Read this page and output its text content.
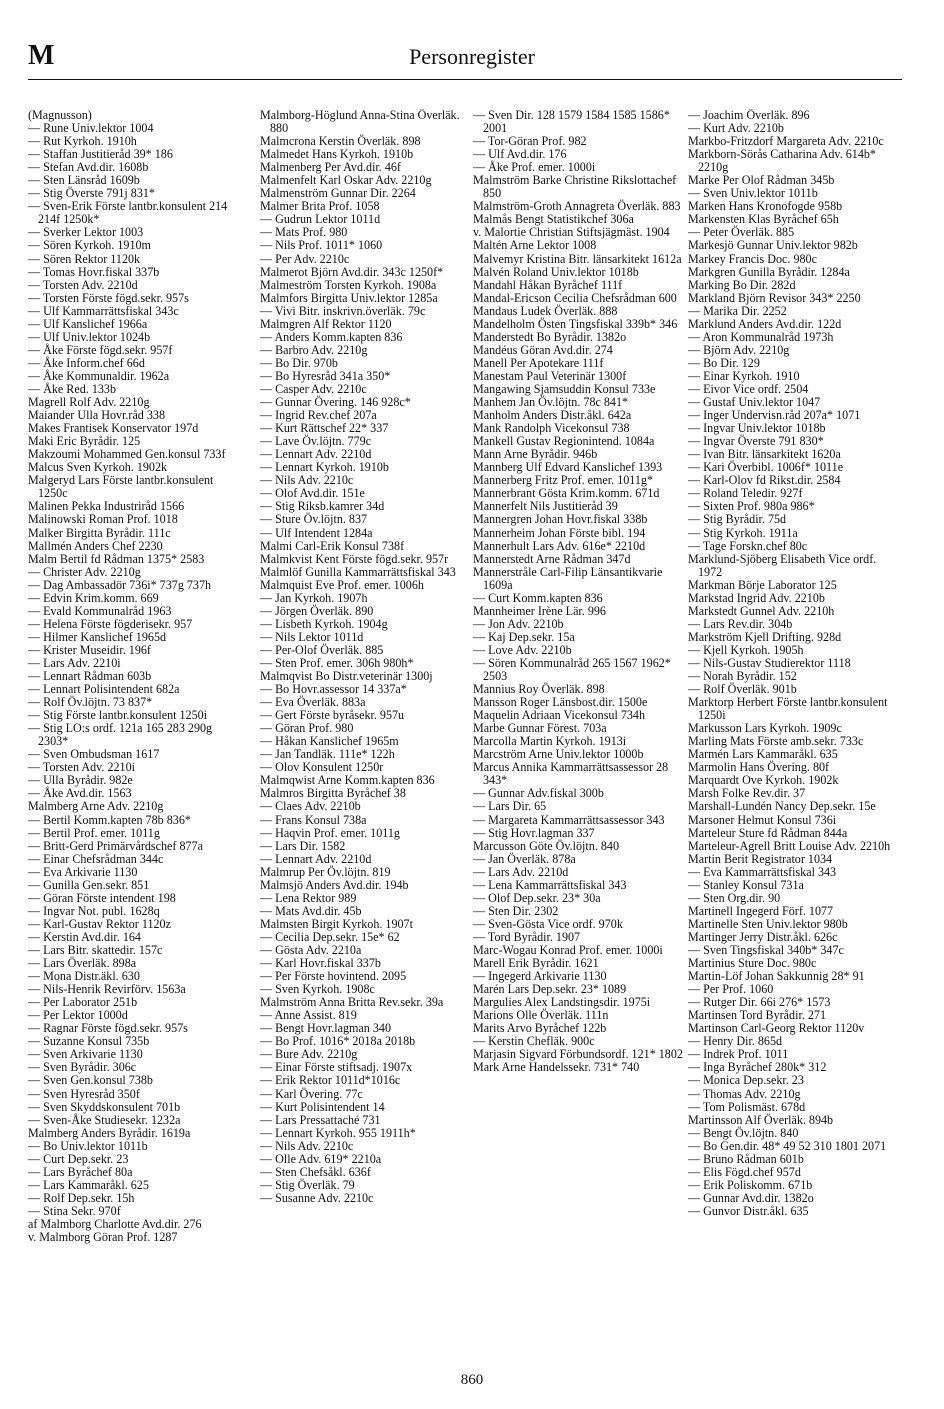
M	Personregister
(Magnusson)
— Rune Univ.lektor 1004
— Rut Kyrkoh. 1910h
— Staffan Justitieråd 39* 186
— Stefan Avd.dir. 1608b
— Sten Länsråd 1609b
— Stig Överste 791j 831*
— Sven-Erik Förste lantbr.konsulent 214 214f 1250k*
— Sverker Lektor 1003
— Sören Kyrkoh. 1910m
— Sören Rektor 1120k
— Tomas Hovr.fiskal 337b
— Torsten Adv. 2210d
— Torsten Förste fögd.sekr. 957s
— Ulf Kammarrättsfiskal 343c
— Ulf Kanslichef 1966a
— Ulf Univ.lektor 1024b
— Åke Förste fögd.sekr. 957f
— Åke Inform.chef 66d
— Åke Kommunaldir. 1962a
— Åke Red. 133b
Magrell Rolf Adv. 2210g
Maiander Ulla Hovr.råd 338
Makes Frantisek Konservator 197d
Maki Eric Byrådir. 125
Makzoumi Mohammed Gen.konsul 733f
Malcus Sven Kyrkoh. 1902k
Malgeryd Lars Förste lantbr.konsulent 1250c
Malinen Pekka Industriråd 1566
Malinowski Roman Prof. 1018
Malker Birgitta Byrådir. 111c
Mallmén Anders Chef 2230
Malm Bertil fd Rådman 1375* 2583
— Christer Adv. 2210g
— Dag Ambassadör 736i* 737g 737h
— Edvin Krim.komm. 669
— Evald Kommunalråd 1963
— Helena Förste fögderisekr. 957
— Hilmer Kanslichef 1965d
— Krister Museidir. 196f
— Lars Adv. 2210i
— Lennart Rådman 603b
— Lennart Polisintendent 682a
— Rolf Öv.löjtn. 73 837*
— Stig Förste lantbr.konsulent 1250i
— Stig LO:s ordf. 121a 165 283 290g 2303*
— Sven Ombudsman 1617
— Torsten Adv. 2210i
— Ulla Byrådir. 982e
— Åke Avd.dir. 1563
Malmberg Arne Adv. 2210g
— Bertil Komm.kapten 78b 836*
— Bertil Prof. emer. 1011g
— Britt-Gerd Primärvårdschef 877a
— Einar Chefsrådman 344c
— Eva Arkivarie 1130
— Gunilla Gen.sekr. 851
— Göran Förste intendent 198
— Ingvar Not. publ. 1628q
— Karl-Gustav Rektor 1120z
— Kerstin Avd.dir. 164
— Lars Bitr. skattedir. 157c
— Lars Överläk. 898a
— Mona Distr.äkl. 630
— Nils-Henrik Revirförv. 1563a
— Per Laborator 251b
— Per Lektor 1000d
— Ragnar Förste fögd.sekr. 957s
— Suzanne Konsul 735b
— Sven Arkivarie 1130
— Sven Byrådir. 306c
— Sven Gen.konsul 738b
— Sven Hyresråd 350f
— Sven Skyddskonsulent 701b
— Sven-Åke Studiesekr. 1232a
Malmberg Anders Byrådir. 1619a
— Bo Univ.lektor 1011b
— Curt Dep.sekr. 23
— Lars Byråchef 80a
— Lars Kammaråkl. 625
— Rolf Dep.sekr. 15h
— Stina Sekr. 970f
af Malmborg Charlotte Avd.dir. 276
v. Malmborg Göran Prof. 1287
Malmborg-Höglund Anna-Stina Överläk. 880
Malmcrona Kerstin Överläk. 898
Malmedet Hans Kyrkoh. 1910b
Malmenberg Per Avd.dir. 46f
Malmenfelt Karl Oskar Adv. 2210g
Malmenström Gunnar Dir. 2264
Malmer Brita Prof. 1058
— Gudrun Lektor 1011d
— Mats Prof. 980
— Nils Prof. 1011* 1060
— Per Adv. 2210c
Malmerot Björn Avd.dir. 343c 1250f*
Malmeström Torsten Kyrkoh. 1908a
Malmfors Birgitta Univ.lektor 1285a
— Vivi Bitr. inskrivn.överläk. 79c
Malmgren Alf Rektor 1120
— Anders Komm.kapten 836
— Barbro Adv. 2210g
— Bo Dir. 970b
— Bo Hyresråd 341a 350*
— Casper Adv. 2210c
— Gunnar Övering. 146 928c*
— Ingrid Rev.chef 207a
— Kurt Rättschef 22* 337
— Lave Öv.löjtn. 779c
— Lennart Adv. 2210d
— Lennart Kyrkoh. 1910b
— Nils Adv. 2210c
— Olof Avd.dir. 151e
— Stig Riksb.kamrer 34d
— Sture Öv.löjtn. 837
— Ulf Intendent 1284a
Malmi Carl-Erik Konsul 738f
Malmkvist Kent Förste fögd.sekr. 957r
Malmlöf Gunilla Kammarrättsfiskal 343
Malmquist Eve Prof. emer. 1006h
— Jan Kyrkoh. 1907h
— Jörgen Överläk. 890
— Lisbeth Kyrkoh. 1904g
— Nils Lektor 1011d
— Per-Olof Överläk. 885
— Sten Prof. emer. 306h 980h*
Malmqvist Bo Distr.veterinär 1300j
— Bo Hovr.assessor 14 337a*
— Eva Överläk. 883a
— Gert Förste byråsekr. 957u
— Göran Prof. 980
— Håkan Kanslichef 1965m
— Jan Tandläk. 111e* 122h
— Olov Konsulent 1250r
Malmqwist Arne Komm.kapten 836
Malmros Birgitta Byråchef 38
— Claes Adv. 2210b
— Frans Konsul 738a
— Haqvin Prof. emer. 1011g
— Lars Dir. 1582
— Lennart Adv. 2210d
Malmrup Per Öv.löjtn. 819
Malmsjö Anders Avd.dir. 194b
— Lena Rektor 989
— Mats Avd.dir. 45b
Malmsten Birgit Kyrkoh. 1907t
— Cecilia Dep.sekr. 15e* 62
— Gösta Adv. 2210a
— Karl Hovr.fiskal 337b
— Per Förste hovintend. 2095
— Sven Kyrkoh. 1908c
Malmström Anna Britta Rev.sekr. 39a
— Anne Assist. 819
— Bengt Hovr.lagman 340
— Bo Prof. 1016* 2018a 2018b
— Bure Adv. 2210g
— Einar Förste stiftsadj. 1907x
— Erik Rektor 1011d*1016c
— Karl Övering. 77c
— Kurt Polisintendent 14
— Lars Pressattaché 731
— Lennart Kyrkoh. 955 1911h*
— Nils Adv. 2210c
— Olle Adv. 619* 2210a
— Sten Chefsåkl. 636f
— Stig Överläk. 79
— Susanne Adv. 2210c
— Sven Dir. 128 1579 1584 1585 1586* 2001
— Tor-Göran Prof. 982
— Ulf Avd.dir. 176
— Åke Prof. emer. 1000i
Malmström Barke Christine Rikslottachef 850
Malmström-Groth Annagreta Överläk. 883
Malmås Bengt Statistikchef 306a
v. Malortie Christian Stiftsjägmäst. 1904
Maltén Arne Lektor 1008
Malvemyr Kristina Bitr. länsarkitekt 1612a
Malvén Roland Univ.lektor 1018b
Mandahl Håkan Byråchef 111f
Mandal-Ericson Cecilia Chefsrådman 600
Mandaus Ludek Överläk. 888
Mandelholm Östen Tingsfiskal 339b* 346
Manderstedt Bo Byrådir. 1382o
Mandéus Göran Avd.dir. 274
Manell Per Apotekare 111f
Manestam Paul Veterinär 1300f
Mangawing Sjamsuddin Konsul 733e
Manhem Jan Öv.löjtn. 78c 841*
Manholm Anders Distr.åkl. 642a
Mank Randolph Vicekonsul 738
Mankell Gustav Regionintend. 1084a
Mann Arne Byrådir. 946b
Mannberg Ulf Edvard Kanslichef 1393
Mannerberg Fritz Prof. emer. 1011g*
Mannerbrant Gösta Krim.komm. 671d
Mannerfelt Nils Justitieråd 39
Mannergren Johan Hovr.fiskal 338b
Mannerheim Johan Förste bibl. 194
Mannerhult Lars Adv. 616e* 2210d
Mannerstedt Arne Rådman 347d
Mannerstråle Carl-Filip Länsantikvarie 1609a
— Curt Komm.kapten 836
Mannheimer Irène Lär. 996
— Jon Adv. 2210b
— Kaj Dep.sekr. 15a
— Love Adv. 2210b
— Sören Kommunalråd 265 1567 1962* 2503
Mannius Roy Överläk. 898
Mansson Roger Länsbost.dir. 1500e
Maquelin Adriaan Vicekonsul 734h
Marbe Gunnar Förest. 703a
Marcolla Martin Kyrkoh. 1913i
Marcström Arne Univ.lektor 1000b
Marcus Annika Kammarrättsassessor 28 343*
— Gunnar Adv.fiskal 300b
— Lars Dir. 65
— Margareta Kammarrättsassessor 343
— Stig Hovr.lagman 337
Marcusson Göte Öv.löjtn. 840
— Jan Överläk. 878a
— Lars Adv. 2210d
— Lena Kammarrättsfiskal 343
— Olof Dep.sekr. 23* 30a
— Sten Dir. 2302
— Sven-Gösta Vice ordf. 970k
— Tord Byrådir. 1907
Marc-Wogau Konrad Prof. emer. 1000i
Marell Erik Byrådir. 1621
— Ingegerd Arkivarie 1130
Marén Lars Dep.sekr. 23* 1089
Margulies Alex Landstingsdir. 1975i
Marions Olle Överläk. 111n
Marits Arvo Byråchef 122b
— Kerstin Chefläk. 900c
Marjasin Sigvard Förbundsordf. 121* 1802
Mark Arne Handelssekr. 731* 740
— Joachim Överläk. 896
— Kurt Adv. 2210b
Markbo-Fritzdorf Margareta Adv. 2210c
Markborn-Sörås Catharina Adv. 614b* 2210g
Marke Per Olof Rådman 345b
— Sven Univ.lektor 1011b
Marken Hans Kronofogde 958b
Markensten Klas Byråchef 65h
— Peter Överläk. 885
Markesjö Gunnar Univ.lektor 982b
Markey Francis Doc. 980c
Markgren Gunilla Byrådir. 1284a
Marking Bo Dir. 282d
Markland Björn Revisor 343* 2250
— Marika Dir. 2252
Marklund Anders Avd.dir. 122d
— Aron Kommunalråd 1973h
— Björn Adv. 2210g
— Bo Dir. 129
— Einar Kyrkoh. 1910
— Eivor Vice ordf. 2504
— Gustaf Univ.lektor 1047
— Inger Undervisn.råd 207a* 1071
— Ingvar Univ.lektor 1018b
— Ingvar Överste 791 830*
— Ivan Bitr. länsarkitekt 1620a
— Kari Överbibl. 1006f* 1011e
— Karl-Olov fd Rikst.dir. 2584
— Roland Teledir. 927f
— Sixten Prof. 980a 986*
— Stig Byrådir. 75d
— Stig Kyrkoh. 1911a
— Tage Forskn.chef 80c
Marklund-Sjöberg Elisabeth Vice ordf. 1972
Markman Börje Laborator 125
Markstad Ingrid Adv. 2210b
Markstedt Gunnel Adv. 2210h
— Lars Rev.dir. 304b
Markström Kjell Drifting. 928d
— Kjell Kyrkoh. 1905h
— Nils-Gustav Studierektor 1118
— Norah Byrådir. 152
— Rolf Överläk. 901b
Marktorp Herbert Förste lantbr.konsulent 1250i
Markusson Lars Kyrkoh. 1909c
Marling Mats Förste amb.sekr. 733c
Marmén Lars Kammaråkl. 635
Marmolin Hans Övering. 80f
Marquardt Ove Kyrkoh. 1902k
Marsh Folke Rev.dir. 37
Marshall-Lundén Nancy Dep.sekr. 15e
Marsoner Helmut Konsul 736i
Marteleur Sture fd Rådman 844a
Marteleur-Agrell Britt Louise Adv. 2210h
Martin Berit Registrator 1034
— Eva Kammarrättsfiskal 343
— Stanley Konsul 731a
— Sten Org.dir. 90
Martinell Ingegerd Förf. 1077
Martinelle Sten Univ.lektor 980b
Martinger Jerry Distr.åkl. 626c
— Sven Tingsfiskal 340b* 347c
Martinius Sture Doc. 980c
Martin-Löf Johan Sakkunnig 28* 91
— Per Prof. 1060
— Rutger Dir. 66i 276* 1573
Martinsen Tord Byrådir. 271
Martinson Carl-Georg Rektor 1120v
— Henry Dir. 865d
— Indrek Prof. 1011
— Inga Byråchef 280k* 312
— Monica Dep.sekr. 23
— Thomas Adv. 2210g
— Tom Polismäst. 678d
Martinsson Alf Överläk. 894b
— Bengt Öv.löjtn. 840
— Bo Gen.dir. 48* 49 52 310 1801 2071
— Bruno Rådman 601b
— Elis Fögd.chef 957d
— Erik Poliskomm. 671b
— Gunnar Avd.dir. 1382o
— Gunvor Distr.åkl. 635
860
